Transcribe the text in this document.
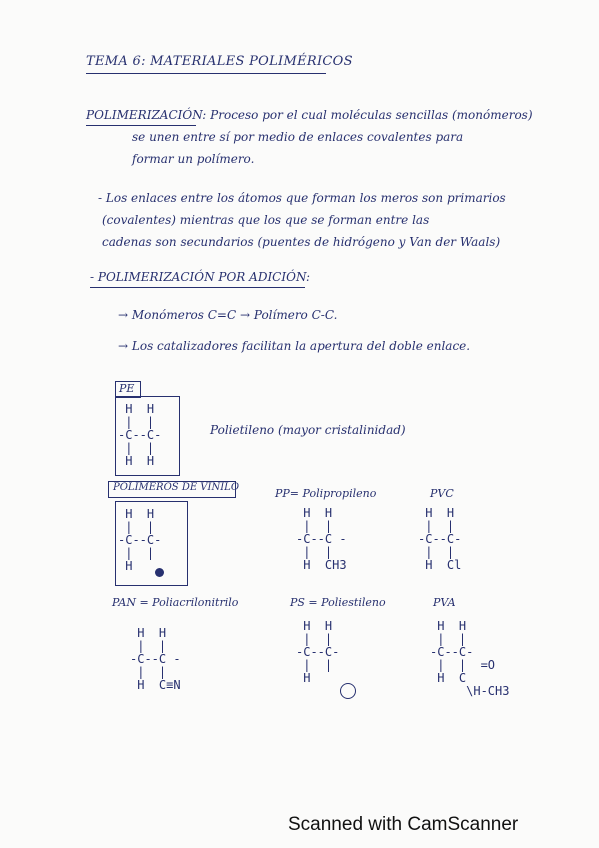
TEMA 6: MATERIALES POLIMÉRICOS
POLIMERIZACIÓN: Proceso por el cual moléculas sencillas (monómeros)
se unen entre sí por medio de enlaces covalentes para
formar un polímero.
- Los enlaces entre los átomos que forman los meros son primarios
(covalentes) mientras que los que se forman entre las
cadenas son secundarios (puentes de hidrógeno y Van der Waals)
- POLIMERIZACIÓN POR ADICIÓN:
→ Monómeros C=C → Polímero C-C.
→ Los catalizadores facilitan la apertura del doble enlace.
PE
H  H
|  |
-C--C-
|  |
H  H
Polietileno (mayor cristalinidad)
POLIMEROS DE VINILO
H  H
|  |
-C--C-
|  |
H
PP= Polipropileno
H  H
|  |
-C--C -
|  |
H  CH3
PVC
H  H
|  |
-C--C-
|  |
H  Cl
PAN = Poliacrilonitrilo
H  H
|  |
-C--C -
|  |
H  C≡N
PS = Poliestileno
H  H
|  |
-C--C-
|  |
H
PVA
H  H
|  |
-C--C-
|  |  =O
H  C
\H-CH3
Scanned with CamScanner
